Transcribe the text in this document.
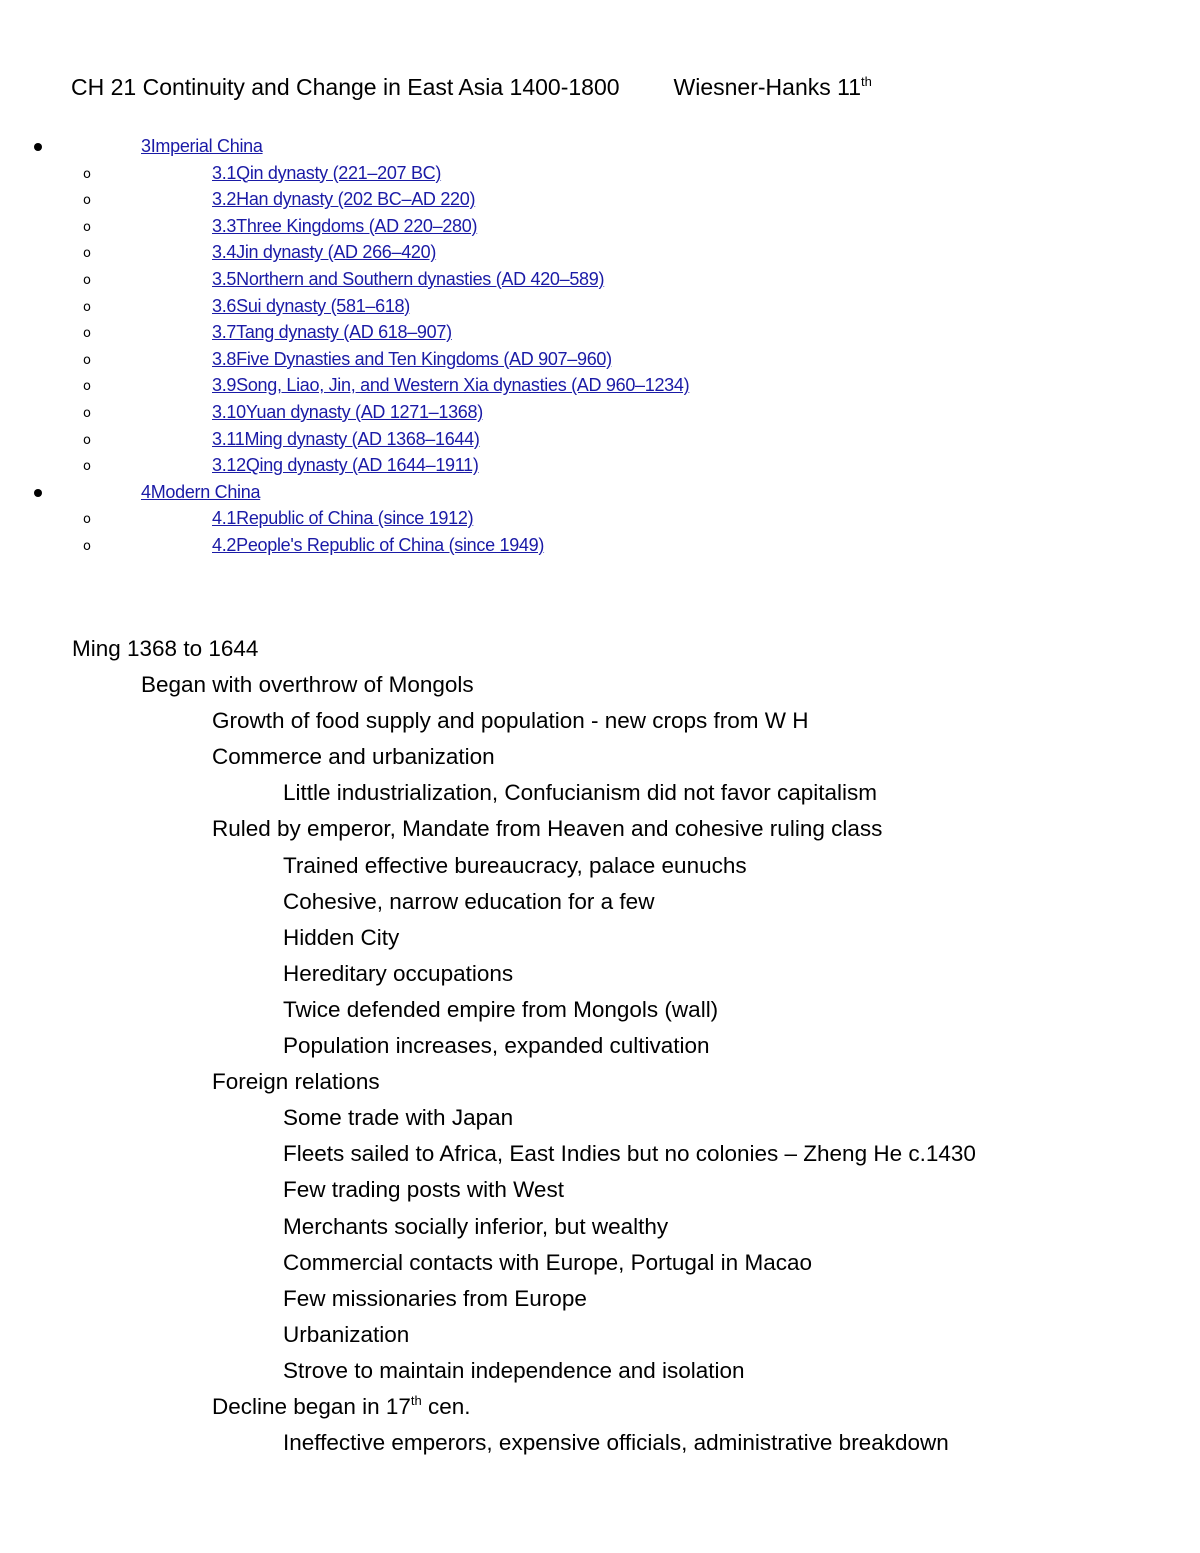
CH 21 Continuity and Change in East Asia 1400-1800 Wiesner-Hanks 11th
3Imperial China
o	3.1Qin dynasty (221–207 BC)
o	3.2Han dynasty (202 BC–AD 220)
o	3.3Three Kingdoms (AD 220–280)
o	3.4Jin dynasty (AD 266–420)
o	3.5Northern and Southern dynasties (AD 420–589)
o	3.6Sui dynasty (581–618)
o	3.7Tang dynasty (AD 618–907)
o	3.8Five Dynasties and Ten Kingdoms (AD 907–960)
o	3.9Song, Liao, Jin, and Western Xia dynasties (AD 960–1234)
o	3.10Yuan dynasty (AD 1271–1368)
o	3.11Ming dynasty (AD 1368–1644)
o	3.12Qing dynasty (AD 1644–1911)
4Modern China
o	4.1Republic of China (since 1912)
o	4.2People's Republic of China (since 1949)
Ming 1368 to 1644
Began with overthrow of Mongols
Growth of food supply and population - new crops from W H
Commerce and urbanization
Little industrialization, Confucianism did not favor capitalism
Ruled by emperor, Mandate from Heaven and cohesive ruling class
Trained effective bureaucracy, palace eunuchs
Cohesive, narrow education for a few
Hidden City
Hereditary occupations
Twice defended empire from Mongols (wall)
Population increases, expanded cultivation
Foreign relations
Some trade with Japan
Fleets sailed to Africa, East Indies but no colonies – Zheng He c.1430
Few trading posts with West
Merchants socially inferior, but wealthy
Commercial contacts with Europe, Portugal in Macao
Few missionaries from Europe
Urbanization
Strove to maintain independence and isolation
Decline began in 17th cen.
Ineffective emperors, expensive officials, administrative breakdown
